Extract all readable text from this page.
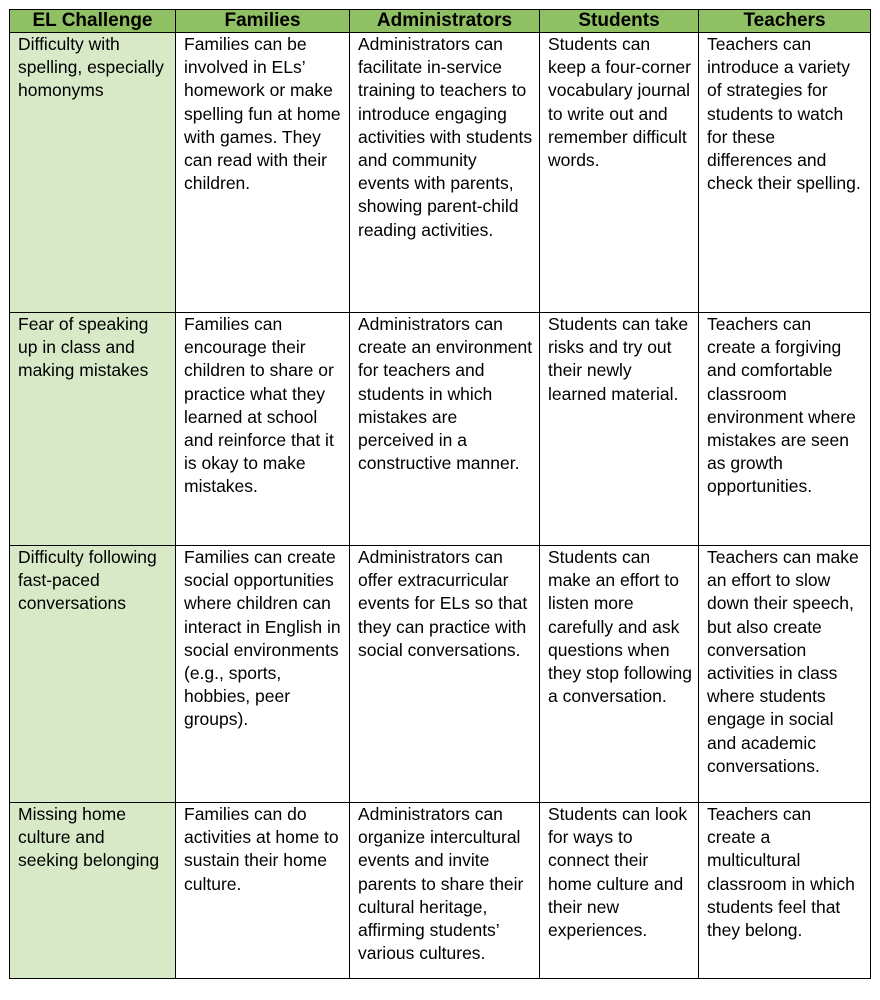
EL Challenge	Families	Administrators	Students	Teachers
Difficulty with spelling, especially homonyms	Families can be involved in ELs’ homework or make spelling fun at home with games. They can read with their children.	Administrators can facilitate in-service training to teachers to introduce engaging activities with students and community events with parents, showing parent-child reading activities.	Students can keep a four-corner vocabulary journal to write out and remember difficult words.	Teachers can introduce a variety of strategies for students to watch for these differences and check their spelling.
Fear of speaking up in class and making mistakes	Families can encourage their children to share or practice what they learned at school and reinforce that it is okay to make mistakes.	Administrators can create an environment for teachers and students in which mistakes are perceived in a constructive manner.	Students can take risks and try out their newly learned material.	Teachers can create a forgiving and comfortable classroom environment where mistakes are seen as growth opportunities.
Difficulty following fast-paced conversations	Families can create social opportunities where children can interact in English in social environments (e.g., sports, hobbies, peer groups).	Administrators can offer extracurricular events for ELs so that they can practice with social conversations.	Students can make an effort to listen more carefully and ask questions when they stop following a conversation.	Teachers can make an effort to slow down their speech, but also create conversation activities in class where students engage in social and academic conversations.
Missing home culture and seeking belonging	Families can do activities at home to sustain their home culture.	Administrators can organize intercultural events and invite parents to share their cultural heritage, affirming students’ various cultures.	Students can look for ways to connect their home culture and their new experiences.	Teachers can create a multicultural classroom in which students feel that they belong.
